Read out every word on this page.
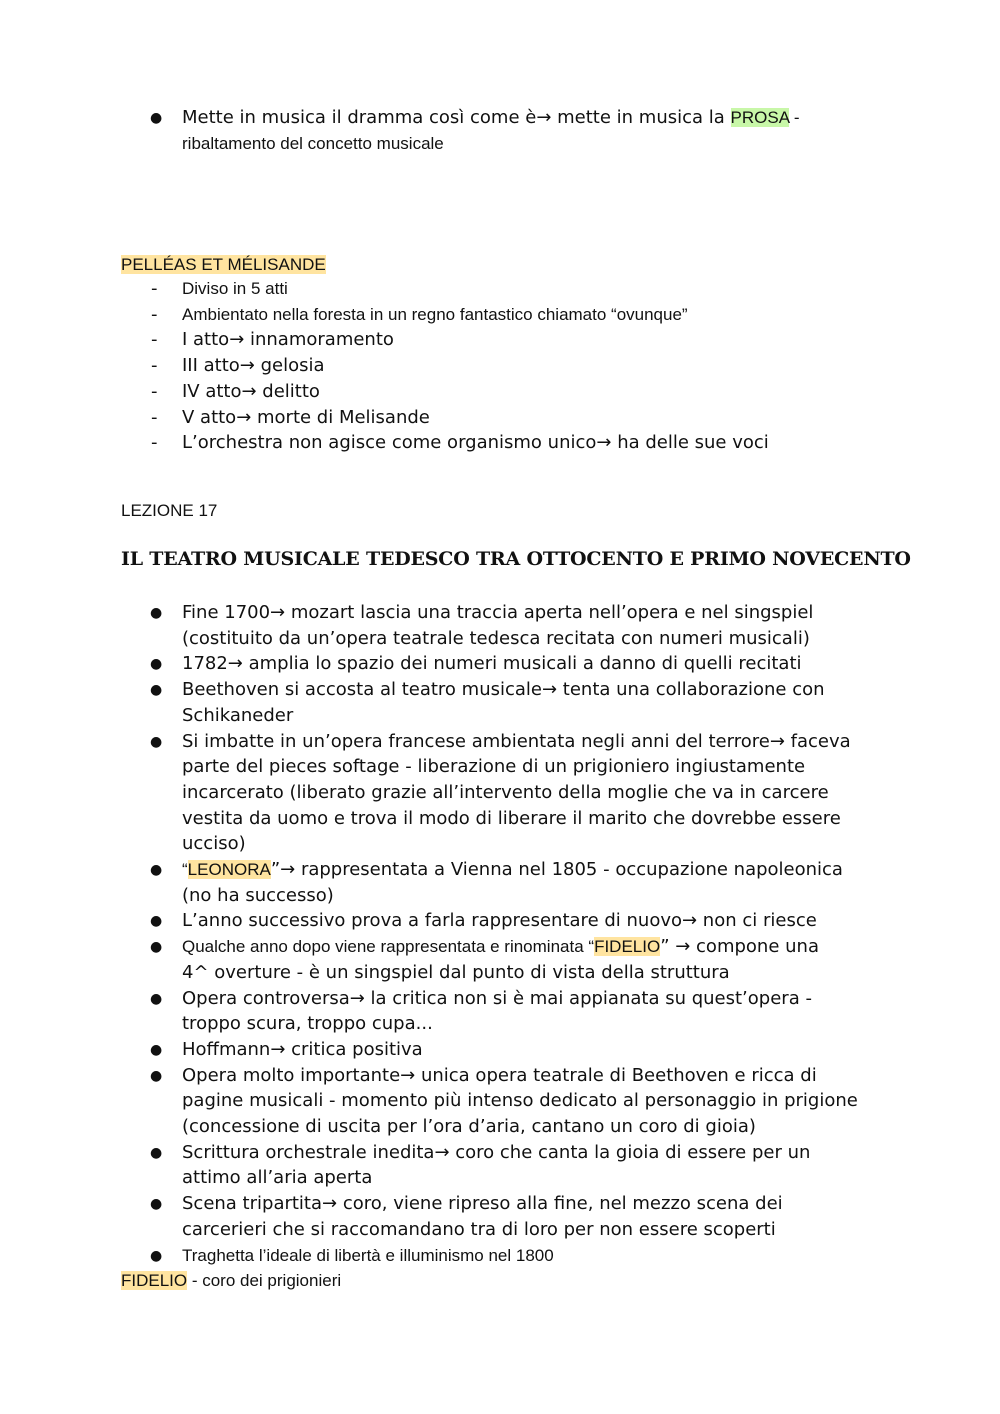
●	Mette in musica il dramma così come è→ mette in musica la PROSA -
ribaltamento del concetto musicale
PELLÉAS ET MÉLISANDE
-	Diviso in 5 atti
-	Ambientato nella foresta in un regno fantastico chiamato “ovunque”
-	I atto→ innamoramento
-	III atto→ gelosia
-	IV atto→ delitto
-	V atto→ morte di Melisande
-	L’orchestra non agisce come organismo unico→ ha delle sue voci
LEZIONE 17
IL TEATRO MUSICALE TEDESCO TRA OTTOCENTO E PRIMO NOVECENTO
●	Fine 1700→ mozart lascia una traccia aperta nell’opera e nel singspiel
(costituito da un’opera teatrale tedesca recitata con numeri musicali)
●	1782→ amplia lo spazio dei numeri musicali a danno di quelli recitati
●	Beethoven si accosta al teatro musicale→ tenta una collaborazione con
Schikaneder
●	Si imbatte in un’opera francese ambientata negli anni del terrore→ faceva
parte del pieces softage - liberazione di un prigioniero ingiustamente
incarcerato (liberato grazie all’intervento della moglie che va in carcere
vestita da uomo e trova il modo di liberare il marito che dovrebbe essere
ucciso)
●	“LEONORA”→ rappresentata a Vienna nel 1805 - occupazione napoleonica
(no ha successo)
●	L’anno successivo prova a farla rappresentare di nuovo→ non ci riesce
●	Qualche anno dopo viene rappresentata e rinominata “FIDELIO” → compone una
4^ overture - è un singspiel dal punto di vista della struttura
●	Opera controversa→ la critica non si è mai appianata su quest’opera -
troppo scura, troppo cupa...
●	Hoffmann→ critica positiva
●	Opera molto importante→ unica opera teatrale di Beethoven e ricca di
pagine musicali - momento più intenso dedicato al personaggio in prigione
(concessione di uscita per l’ora d’aria, cantano un coro di gioia)
●	Scrittura orchestrale inedita→ coro che canta la gioia di essere per un
attimo all’aria aperta
●	Scena tripartita→ coro, viene ripreso alla fine, nel mezzo scena dei
carcerieri che si raccomandano tra di loro per non essere scoperti
●	Traghetta l’ideale di libertà e illuminismo nel 1800
FIDELIO - coro dei prigionieri
